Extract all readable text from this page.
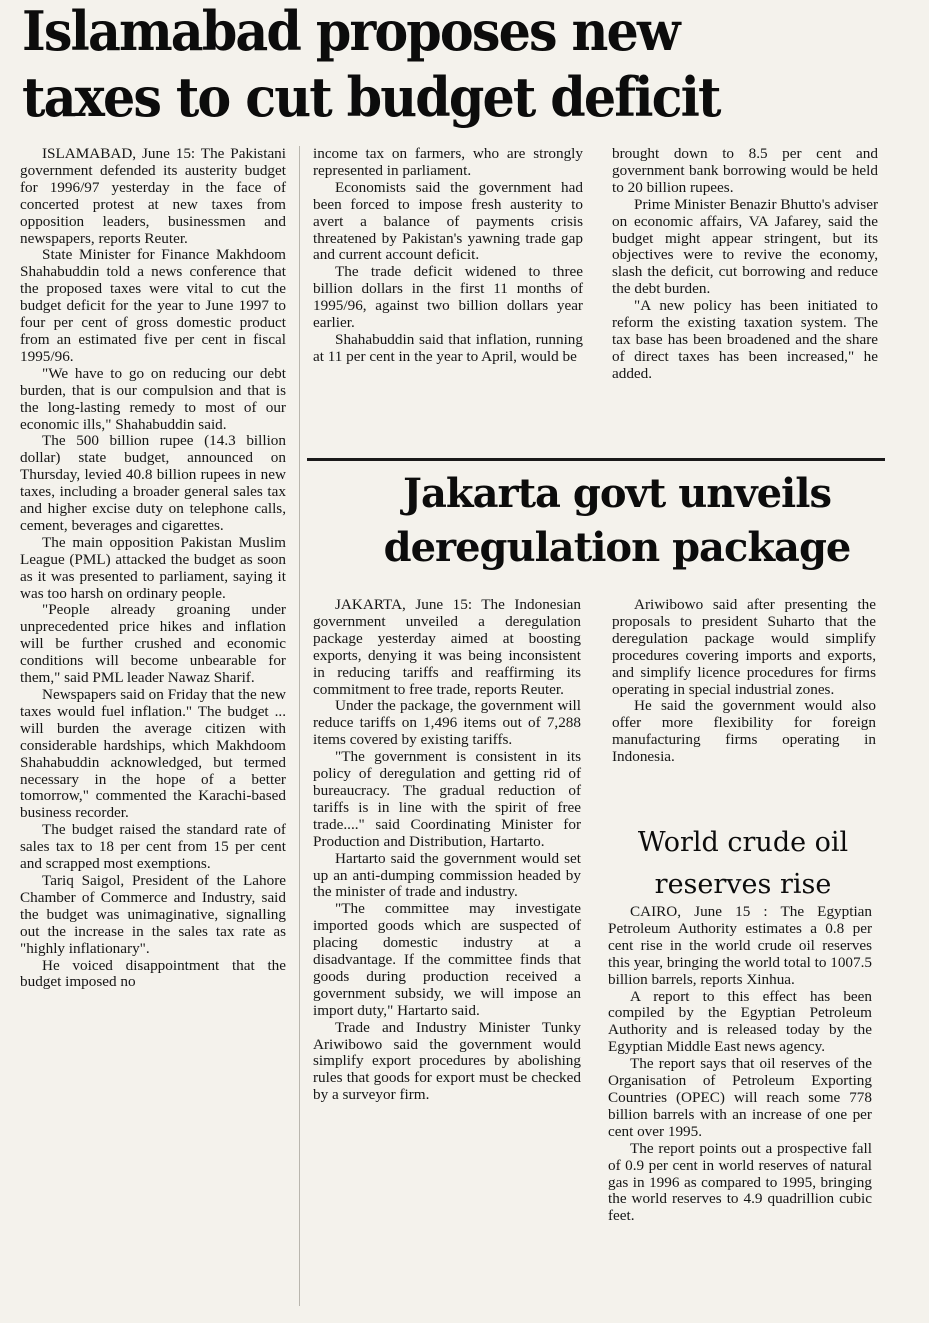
Islamabad proposes new
taxes to cut budget deficit

ISLAMABAD, June 15: The Pakistani government defended its austerity budget for 1996/97 yesterday in the face of concerted protest at new taxes from opposition leaders, businessmen and newspapers, reports Reuter.

State Minister for Finance Makhdoom Shahabuddin told a news conference that the proposed taxes were vital to cut the budget deficit for the year to June 1997 to four per cent of gross domestic product from an estimated five per cent in fiscal 1995/96.

"We have to go on reducing our debt burden, that is our compulsion and that is the long-lasting remedy to most of our economic ills," Shahabuddin said.

The 500 billion rupee (14.3 billion dollar) state budget, announced on Thursday, levied 40.8 billion rupees in new taxes, including a broader general sales tax and higher excise duty on telephone calls, cement, beverages and cigarettes.

The main opposition Pakistan Muslim League (PML) attacked the budget as soon as it was presented to parliament, saying it was too harsh on ordinary people.

"People already groaning under unprecedented price hikes and inflation will be further crushed and economic conditions will become unbearable for them," said PML leader Nawaz Sharif.

Newspapers said on Friday that the new taxes would fuel inflation." The budget ... will burden the average citizen with considerable hardships, which Makhdoom Shahabuddin acknowledged, but termed necessary in the hope of a better tomorrow," commented the Karachi-based business recorder.

The budget raised the standard rate of sales tax to 18 per cent from 15 per cent and scrapped most exemptions.

Tariq Saigol, President of the Lahore Chamber of Commerce and Industry, said the budget was unimaginative, signalling out the increase in the sales tax rate as "highly inflationary".

He voiced disappointment that the budget imposed no

income tax on farmers, who are strongly represented in parliament.

Economists said the government had been forced to impose fresh austerity to avert a balance of payments crisis threatened by Pakistan's yawning trade gap and current account deficit.

The trade deficit widened to three billion dollars in the first 11 months of 1995/96, against two billion dollars year earlier.

Shahabuddin said that inflation, running at 11 per cent in the year to April, would be

brought down to 8.5 per cent and government bank borrowing would be held to 20 billion rupees.

Prime Minister Benazir Bhutto's adviser on economic affairs, VA Jafarey, said the budget might appear stringent, but its objectives were to revive the economy, slash the deficit, cut borrowing and reduce the debt burden.

"A new policy has been initiated to reform the existing taxation system. The tax base has been broadened and the share of direct taxes has been increased," he added.

Jakarta govt unveils
deregulation package

JAKARTA, June 15: The Indonesian government unveiled a deregulation package yesterday aimed at boosting exports, denying it was being inconsistent in reducing tariffs and reaffirming its commitment to free trade, reports Reuter.

Under the package, the government will reduce tariffs on 1,496 items out of 7,288 items covered by existing tariffs.

"The government is consistent in its policy of deregulation and getting rid of bureaucracy. The gradual reduction of tariffs is in line with the spirit of free trade...." said Coordinating Minister for Production and Distribution, Hartarto.

Hartarto said the government would set up an anti-dumping commission headed by the minister of trade and industry.

"The committee may investigate imported goods which are suspected of placing domestic industry at a disadvantage. If the committee finds that goods during production received a government subsidy, we will impose an import duty," Hartarto said.

Trade and Industry Minister Tunky Ariwibowo said the government would simplify export procedures by abolishing rules that goods for export must be checked by a surveyor firm.

Ariwibowo said after presenting the proposals to president Suharto that the deregulation package would simplify procedures covering imports and exports, and simplify licence procedures for firms operating in special industrial zones.

He said the government would also offer more flexibility for foreign manufacturing firms operating in Indonesia.

World crude oil
reserves rise

CAIRO, June 15 : The Egyptian Petroleum Authority estimates a 0.8 per cent rise in the world crude oil reserves this year, bringing the world total to 1007.5 billion barrels, reports Xinhua.

A report to this effect has been compiled by the Egyptian Petroleum Authority and is released today by the Egyptian Middle East news agency.

The report says that oil reserves of the Organisation of Petroleum Exporting Countries (OPEC) will reach some 778 billion barrels with an increase of one per cent over 1995.

The report points out a prospective fall of 0.9 per cent in world reserves of natural gas in 1996 as compared to 1995, bringing the world reserves to 4.9 quadrillion cubic feet.
